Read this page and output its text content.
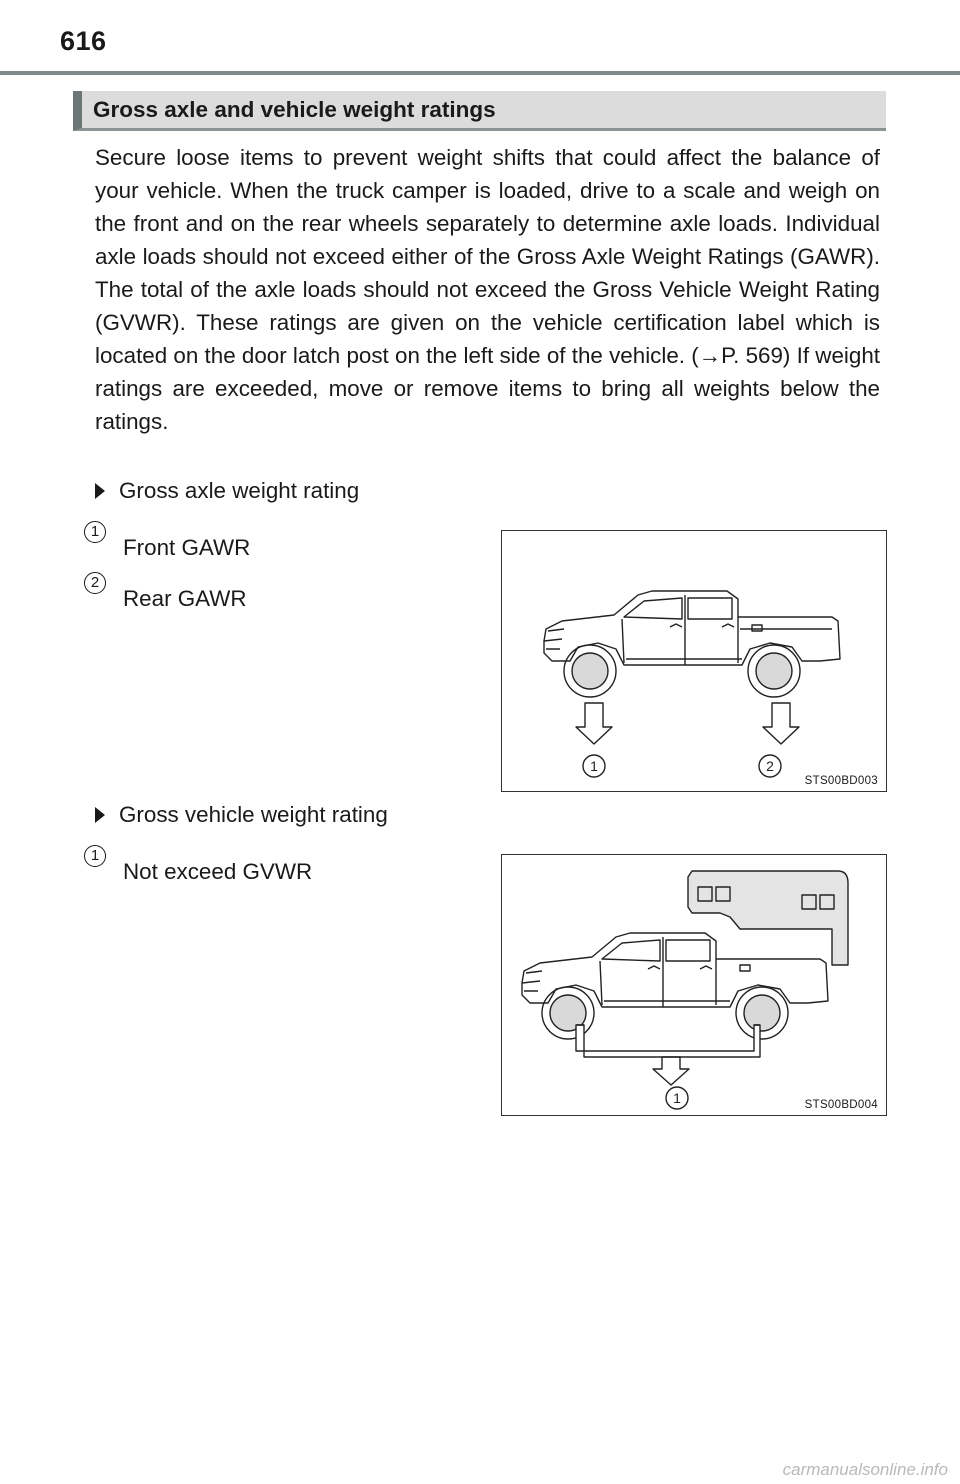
616
Gross axle and vehicle weight ratings

Secure loose items to prevent weight shifts that could affect the balance of your vehicle. When the truck camper is loaded, drive to a scale and weigh on the front and on the rear wheels separately to determine axle loads. Individual axle loads should not exceed either of the Gross Axle Weight Ratings (GAWR). The total of the axle loads should not exceed the Gross Vehicle Weight Rating (GVWR). These ratings are given on the vehicle certification label which is located on the door latch post on the left side of the vehicle. (→P. 569) If weight ratings are exceeded, move or remove items to bring all weights below the ratings.

Gross axle weight rating
1
Front GAWR
2
Rear GAWR
1	2
STS00BD003
Gross vehicle weight rating
1
Not exceed GVWR
1	STS00BD004
carmanualsonline.info
